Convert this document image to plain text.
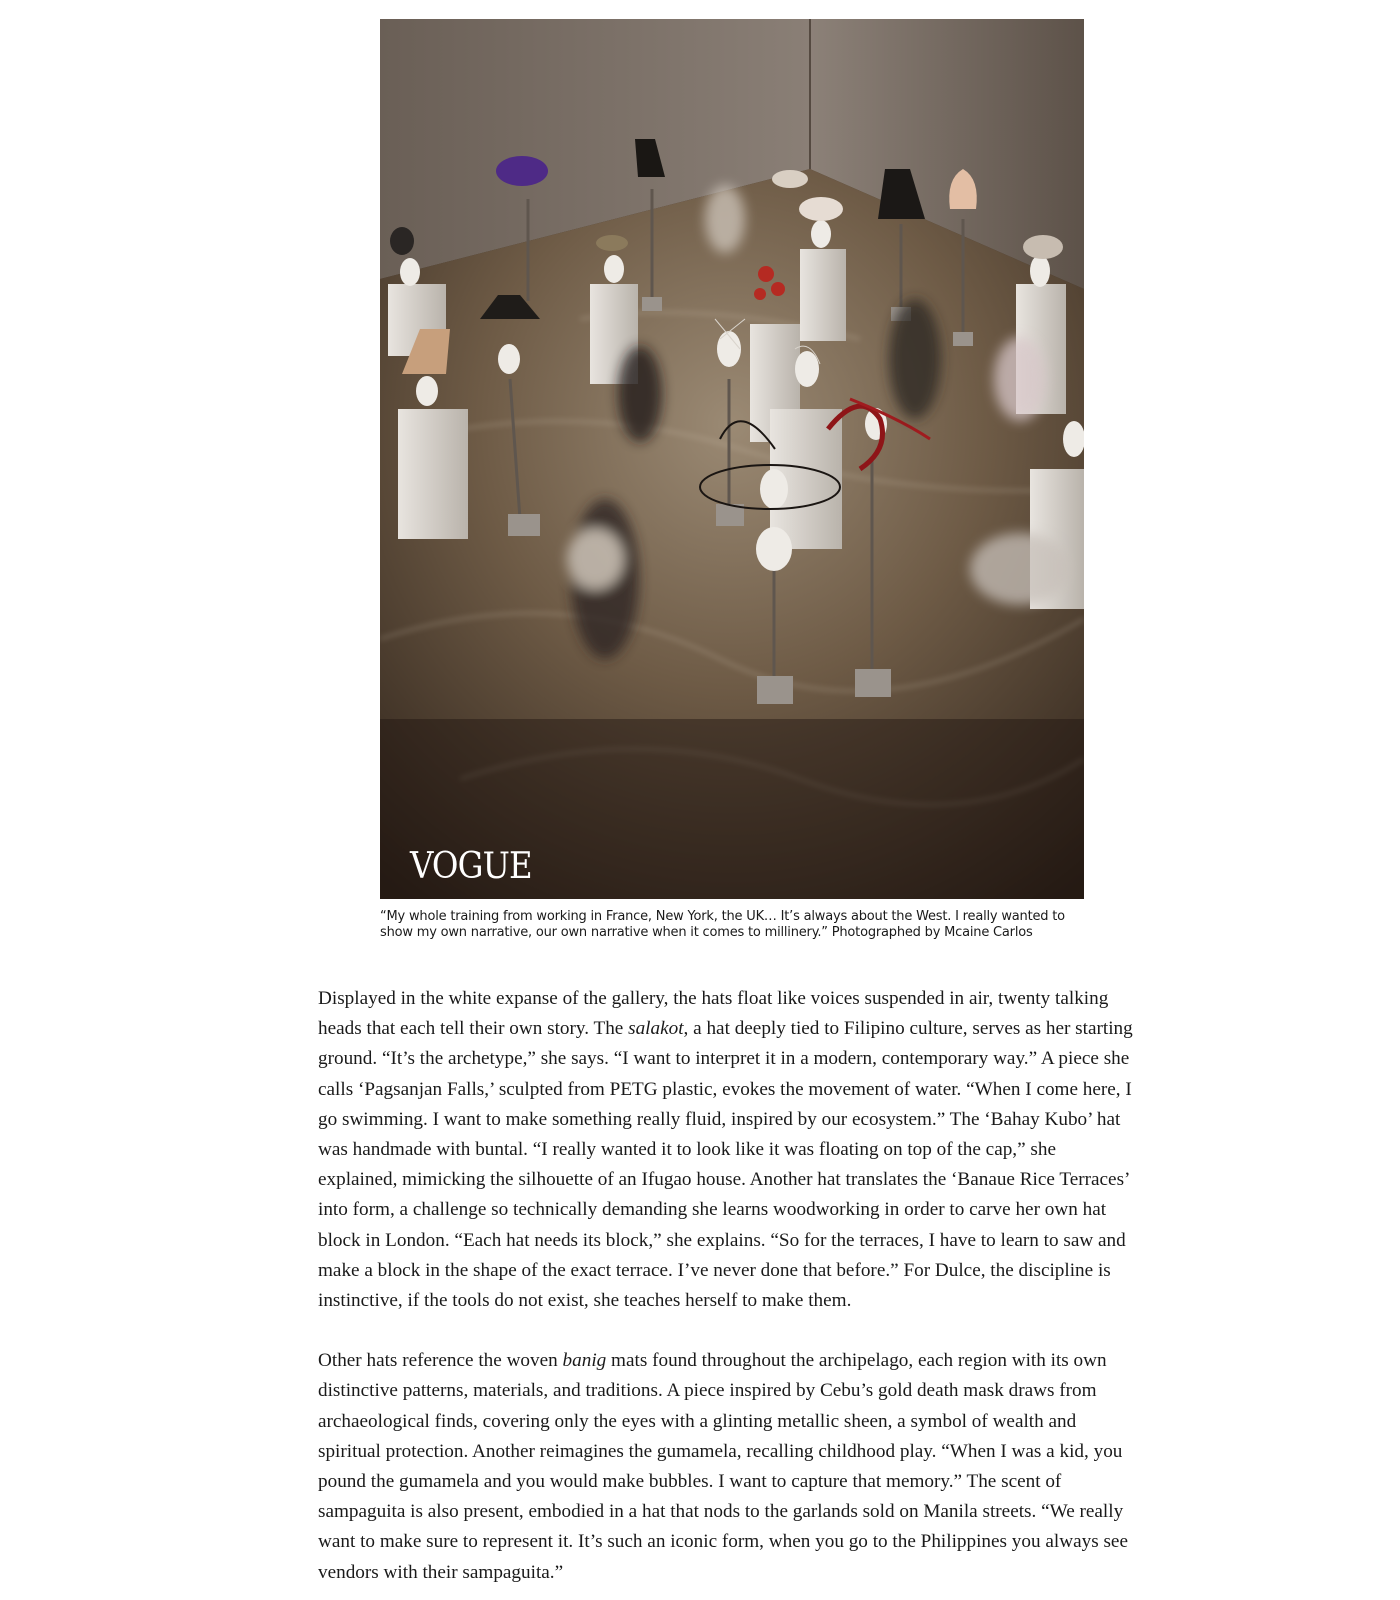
VOGUE
“My whole training from working in France, New York, the UK… It’s always about the West. I really wanted to show my own narrative, our own narrative when it comes to millinery.” Photographed by Mcaine Carlos

Displayed in the white expanse of the gallery, the hats float like voices suspended in air, twenty talking heads that each tell their own story. The salakot, a hat deeply tied to Filipino culture, serves as her starting ground. “It’s the archetype,” she says. “I want to interpret it in a modern, contemporary way.” A piece she calls ‘Pagsanjan Falls,’ sculpted from PETG plastic, evokes the movement of water. “When I come here, I go swimming. I want to make something really fluid, inspired by our ecosystem.” The ‘Bahay Kubo’ hat was handmade with buntal. “I really wanted it to look like it was floating on top of the cap,” she explained, mimicking the silhouette of an Ifugao house. Another hat translates the ‘Banaue Rice Terraces’ into form, a challenge so technically demanding she learns woodworking in order to carve her own hat block in London. “Each hat needs its block,” she explains. “So for the terraces, I have to learn to saw and make a block in the shape of the exact terrace. I’ve never done that before.” For Dulce, the discipline is instinctive, if the tools do not exist, she teaches herself to make them.

Other hats reference the woven banig mats found throughout the archipelago, each region with its own distinctive patterns, materials, and traditions. A piece inspired by Cebu’s gold death mask draws from archaeological finds, covering only the eyes with a glinting metallic sheen, a symbol of wealth and spiritual protection. Another reimagines the gumamela, recalling childhood play. “When I was a kid, you pound the gumamela and you would make bubbles. I want to capture that memory.” The scent of sampaguita is also present, embodied in a hat that nods to the garlands sold on Manila streets. “We really want to make sure to represent it. It’s such an iconic form, when you go to the Philippines you always see vendors with their sampaguita.”
